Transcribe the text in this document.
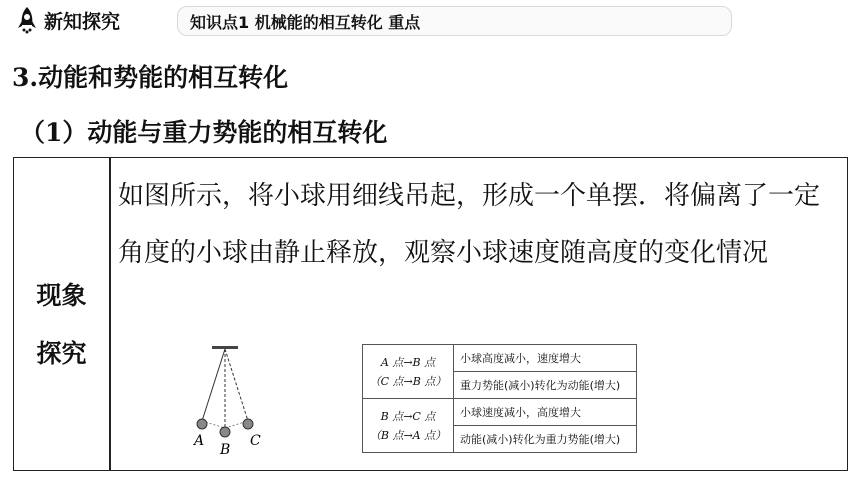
新知探究	知识点1 机械能的相互转化 重点
3.动能和势能的相互转化
（1）动能与重力势能的相互转化
现象
探究
如图所示，将小球用细线吊起，形成一个单摆．将偏离了一定角度的小球由静止释放，观察小球速度随高度的变化情况
A
B
C
A 点→B 点
（C 点→B 点）	小球高度减小，速度增大
	重力势能(减小)转化为动能(增大)

B 点→C 点
（B 点→A 点）	小球速度减小，高度增大
	动能(减小)转化为重力势能(增大)
